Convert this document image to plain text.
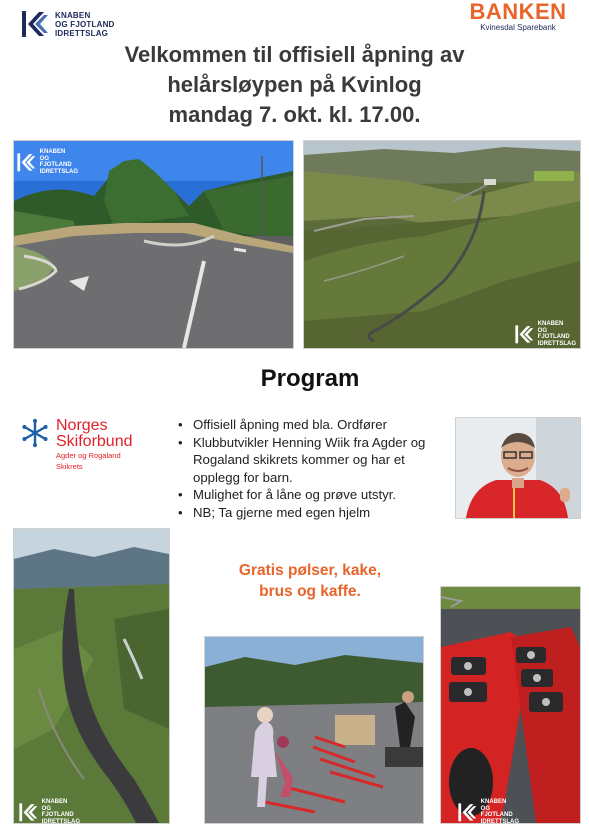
KNABEN
OG FJOTLAND
IDRETTSLAG
BANKEN
Kvinesdal Sparebank
Velkommen til offisiell åpning av
helårsløypen på Kvinlog
mandag 7. okt. kl. 17.00.
KNABEN
OG FJOTLAND
IDRETTSLAG
KNABEN
OG FJOTLAND
IDRETTSLAG
Program
Norges
Skiforbund
Agder og Rogaland
Skikrets
• Offisiell åpning med bla. Ordfører
• Klubbutvikler Henning Wiik fra Agder og Rogaland skikrets kommer og har et opplegg for barn.
• Mulighet for å låne og prøve utstyr.
• NB; Ta gjerne med egen hjelm
Gratis pølser, kake,
brus og kaffe.
KNABEN
OG FJOTLAND
IDRETTSLAG
KNABEN
OG FJOTLAND
IDRETTSLAG
